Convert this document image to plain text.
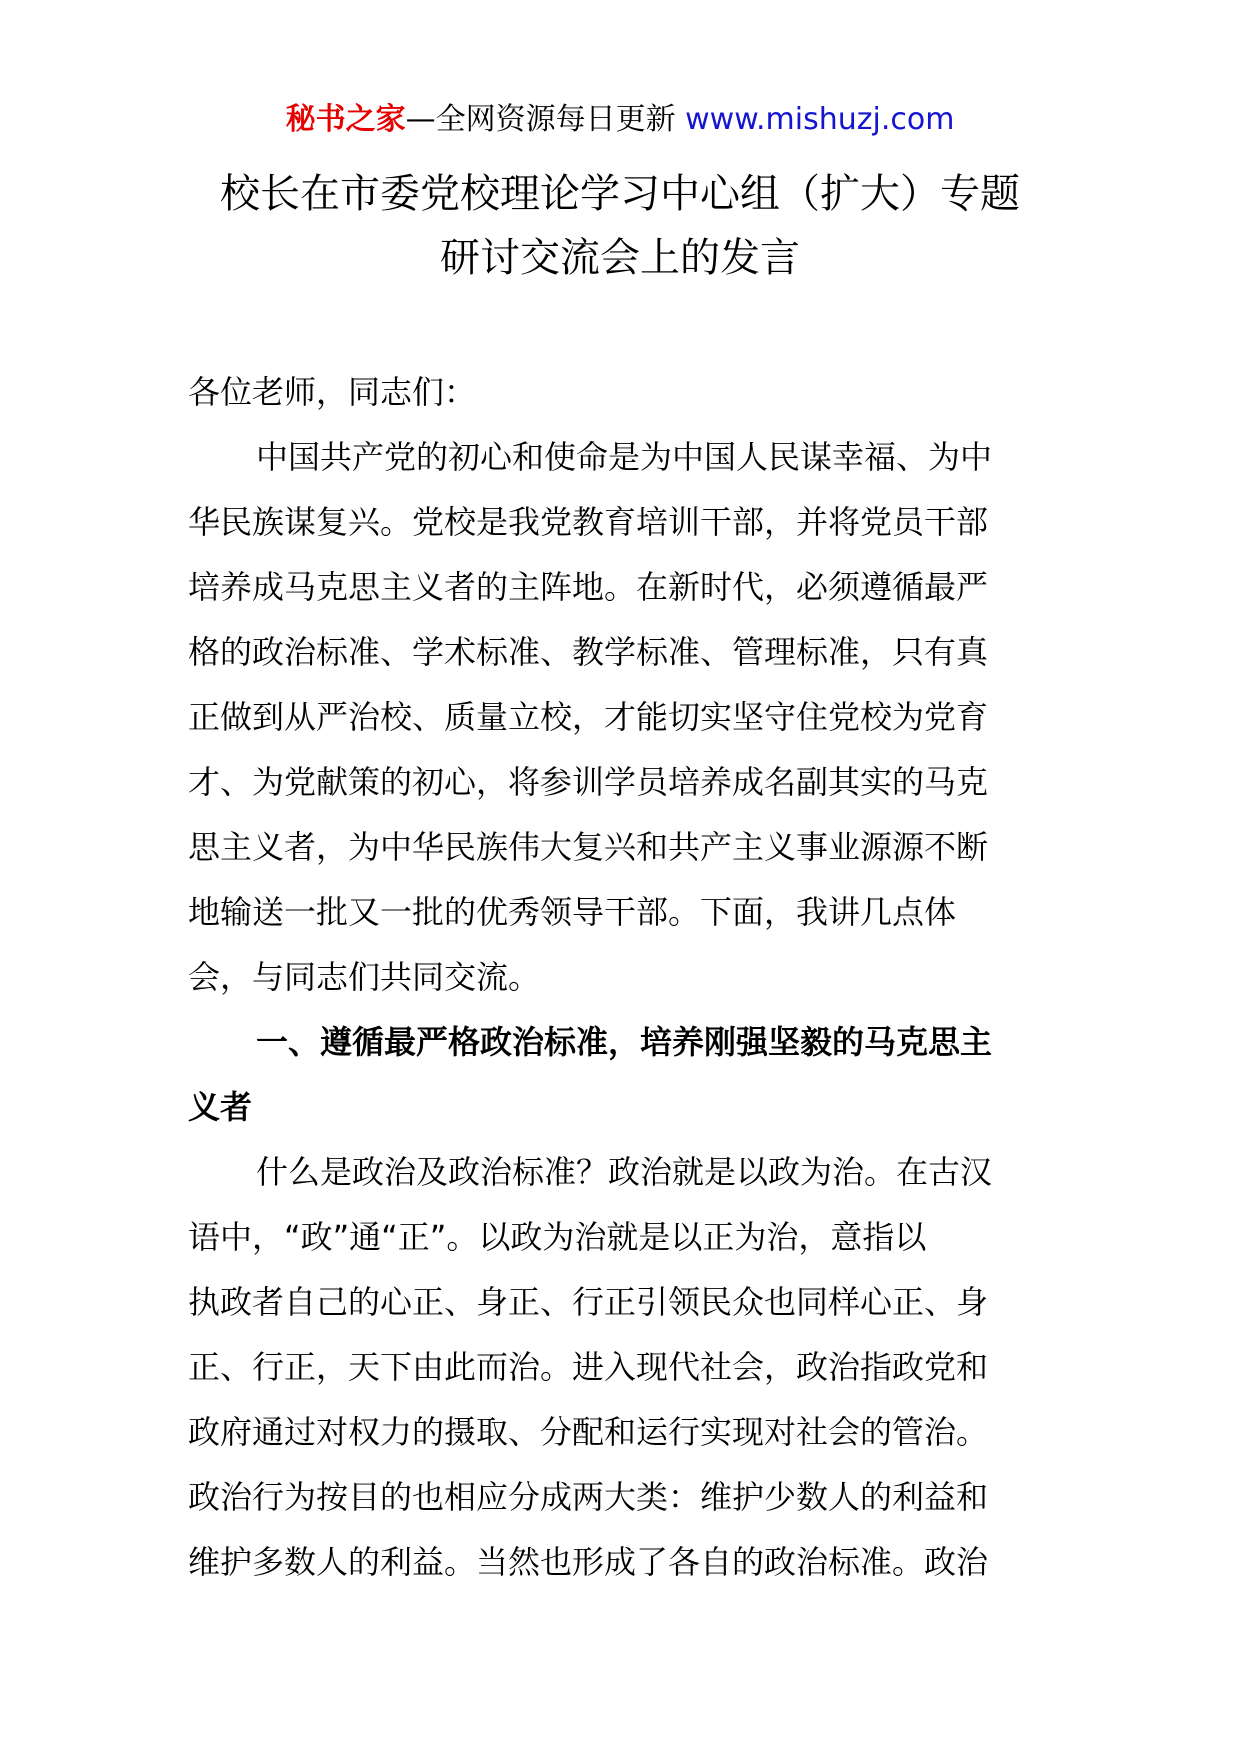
秘书之家—全网资源每日更新 www.mishuzj.com
校长在市委党校理论学习中心组（扩大）专题
研讨交流会上的发言
各位老师，同志们：

中国共产党的初心和使命是为中国人民谋幸福、为中
华民族谋复兴。党校是我党教育培训干部，并将党员干部
培养成马克思主义者的主阵地。在新时代，必须遵循最严
格的政治标准、学术标准、教学标准、管理标准，只有真
正做到从严治校、质量立校，才能切实坚守住党校为党育
才、为党献策的初心，将参训学员培养成名副其实的马克
思主义者，为中华民族伟大复兴和共产主义事业源源不断
地输送一批又一批的优秀领导干部。下面，我讲几点体
会，与同志们共同交流。

一、遵循最严格政治标准，培养刚强坚毅的马克思主
义者

什么是政治及政治标准？政治就是以政为治。在古汉
语中，“政”通“正”。以政为治就是以正为治，意指以
执政者自己的心正、身正、行正引领民众也同样心正、身
正、行正，天下由此而治。进入现代社会，政治指政党和
政府通过对权力的摄取、分配和运行实现对社会的管治。
政治行为按目的也相应分成两大类：维护少数人的利益和
维护多数人的利益。当然也形成了各自的政治标准。政治
